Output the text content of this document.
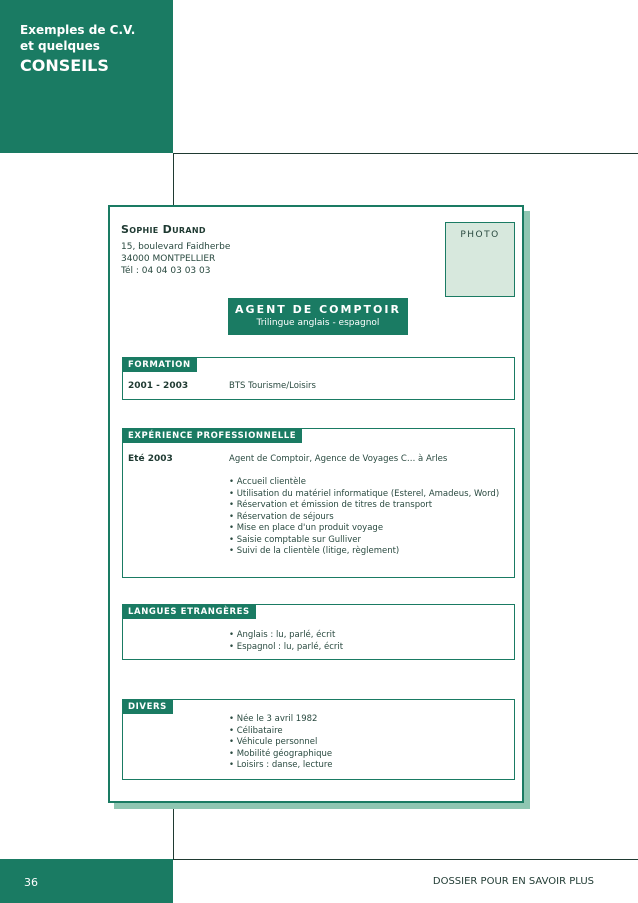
Exemples de C.V.
et quelques
CONSEILS
36	DOSSIER POUR EN SAVOIR PLUS
Sophie Durand
15, boulevard Faidherbe
34000 MONTPELLIER
Tél : 04 04 03 03 03
PHOTO
AGENT DE COMPTOIR
Trilingue anglais - espagnol
FORMATION
2001 - 2003	BTS Tourisme/Loisirs
EXPÉRIENCE PROFESSIONNELLE
Eté 2003	Agent de Comptoir, Agence de Voyages C… à Arles
• Accueil clientèle
• Utilisation du matériel informatique (Esterel, Amadeus, Word)
• Réservation et émission de titres de transport
• Réservation de séjours
• Mise en place d'un produit voyage
• Saisie comptable sur Gulliver
• Suivi de la clientèle (litige, règlement)
LANGUES ETRANGÈRES
• Anglais : lu, parlé, écrit
• Espagnol : lu, parlé, écrit
DIVERS
• Née le 3 avril 1982
• Célibataire
• Véhicule personnel
• Mobilité géographique
• Loisirs : danse, lecture
